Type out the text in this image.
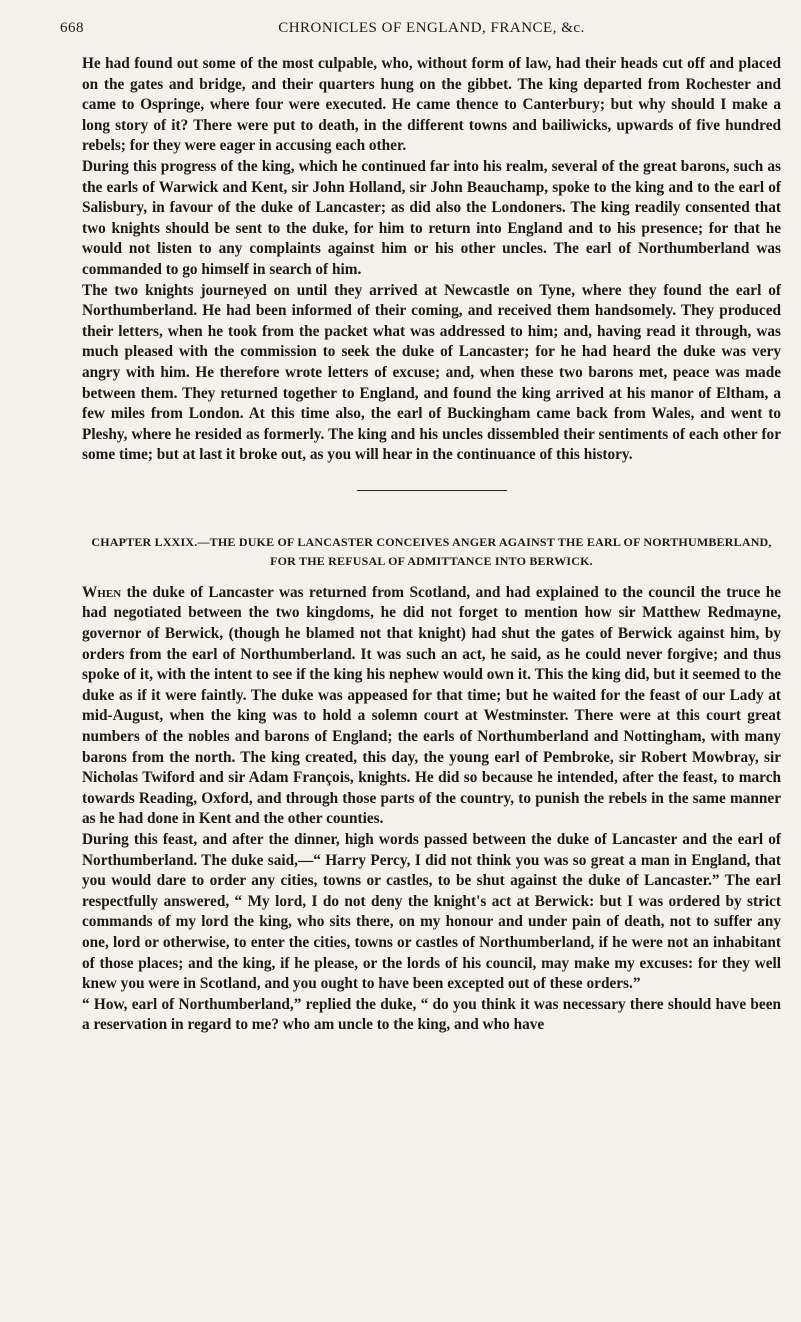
668	CHRONICLES OF ENGLAND, FRANCE, &c.

He had found out some of the most culpable, who, without form of law, had their heads cut off and placed on the gates and bridge, and their quarters hung on the gibbet. The king departed from Rochester and came to Ospringe, where four were executed. He came thence to Canterbury; but why should I make a long story of it? There were put to death, in the different towns and bailiwicks, upwards of five hundred rebels; for they were eager in accusing each other.

During this progress of the king, which he continued far into his realm, several of the great barons, such as the earls of Warwick and Kent, sir John Holland, sir John Beauchamp, spoke to the king and to the earl of Salisbury, in favour of the duke of Lancaster; as did also the Londoners. The king readily consented that two knights should be sent to the duke, for him to return into England and to his presence; for that he would not listen to any complaints against him or his other uncles. The earl of Northumberland was commanded to go himself in search of him.

The two knights journeyed on until they arrived at Newcastle on Tyne, where they found the earl of Northumberland. He had been informed of their coming, and received them handsomely. They produced their letters, when he took from the packet what was addressed to him; and, having read it through, was much pleased with the commission to seek the duke of Lancaster; for he had heard the duke was very angry with him. He therefore wrote letters of excuse; and, when these two barons met, peace was made between them. They returned together to England, and found the king arrived at his manor of Eltham, a few miles from London. At this time also, the earl of Buckingham came back from Wales, and went to Pleshy, where he resided as formerly. The king and his uncles dissembled their sentiments of each other for some time; but at last it broke out, as you will hear in the continuance of this history.

CHAPTER LXXIX.—THE DUKE OF LANCASTER CONCEIVES ANGER AGAINST THE EARL OF NORTHUMBERLAND, FOR THE REFUSAL OF ADMITTANCE INTO BERWICK.

When the duke of Lancaster was returned from Scotland, and had explained to the council the truce he had negotiated between the two kingdoms, he did not forget to mention how sir Matthew Redmayne, governor of Berwick, (though he blamed not that knight) had shut the gates of Berwick against him, by orders from the earl of Northumberland. It was such an act, he said, as he could never forgive; and thus spoke of it, with the intent to see if the king his nephew would own it. This the king did, but it seemed to the duke as if it were faintly. The duke was appeased for that time; but he waited for the feast of our Lady at mid-August, when the king was to hold a solemn court at Westminster. There were at this court great numbers of the nobles and barons of England; the earls of Northumberland and Nottingham, with many barons from the north. The king created, this day, the young earl of Pembroke, sir Robert Mowbray, sir Nicholas Twiford and sir Adam François, knights. He did so because he intended, after the feast, to march towards Reading, Oxford, and through those parts of the country, to punish the rebels in the same manner as he had done in Kent and the other counties.

During this feast, and after the dinner, high words passed between the duke of Lancaster and the earl of Northumberland. The duke said,—“ Harry Percy, I did not think you was so great a man in England, that you would dare to order any cities, towns or castles, to be shut against the duke of Lancaster.” The earl respectfully answered, “ My lord, I do not deny the knight's act at Berwick: but I was ordered by strict commands of my lord the king, who sits there, on my honour and under pain of death, not to suffer any one, lord or otherwise, to enter the cities, towns or castles of Northumberland, if he were not an inhabitant of those places; and the king, if he please, or the lords of his council, may make my excuses: for they well knew you were in Scotland, and you ought to have been excepted out of these orders.”

“ How, earl of Northumberland,” replied the duke, “ do you think it was necessary there should have been a reservation in regard to me? who am uncle to the king, and who have
